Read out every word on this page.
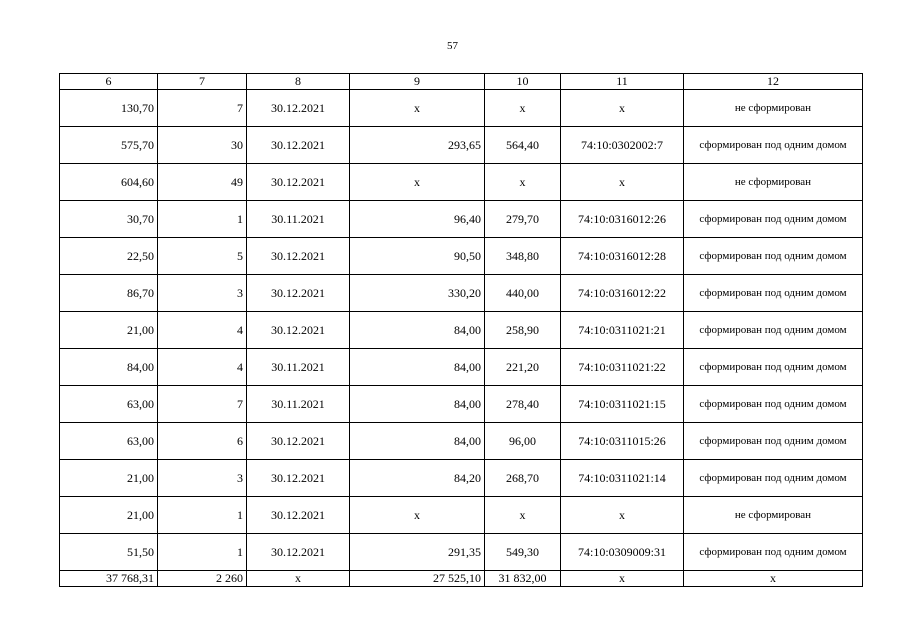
57
6	7	8	9	10	11	12
130,70	7	30.12.2021	х	х	х	не сформирован
575,70	30	30.12.2021	293,65	564,40	74:10:0302002:7	сформирован под одним домом
604,60	49	30.12.2021	х	х	х	не сформирован
30,70	1	30.11.2021	96,40	279,70	74:10:0316012:26	сформирован под одним домом
22,50	5	30.12.2021	90,50	348,80	74:10:0316012:28	сформирован под одним домом
86,70	3	30.12.2021	330,20	440,00	74:10:0316012:22	сформирован под одним домом
21,00	4	30.12.2021	84,00	258,90	74:10:0311021:21	сформирован под одним домом
84,00	4	30.11.2021	84,00	221,20	74:10:0311021:22	сформирован под одним домом
63,00	7	30.11.2021	84,00	278,40	74:10:0311021:15	сформирован под одним домом
63,00	6	30.12.2021	84,00	96,00	74:10:0311015:26	сформирован под одним домом
21,00	3	30.12.2021	84,20	268,70	74:10:0311021:14	сформирован под одним домом
21,00	1	30.12.2021	х	х	х	не сформирован
51,50	1	30.12.2021	291,35	549,30	74:10:0309009:31	сформирован под одним домом
37 768,31	2 260	х	27 525,10	31 832,00	х	х
